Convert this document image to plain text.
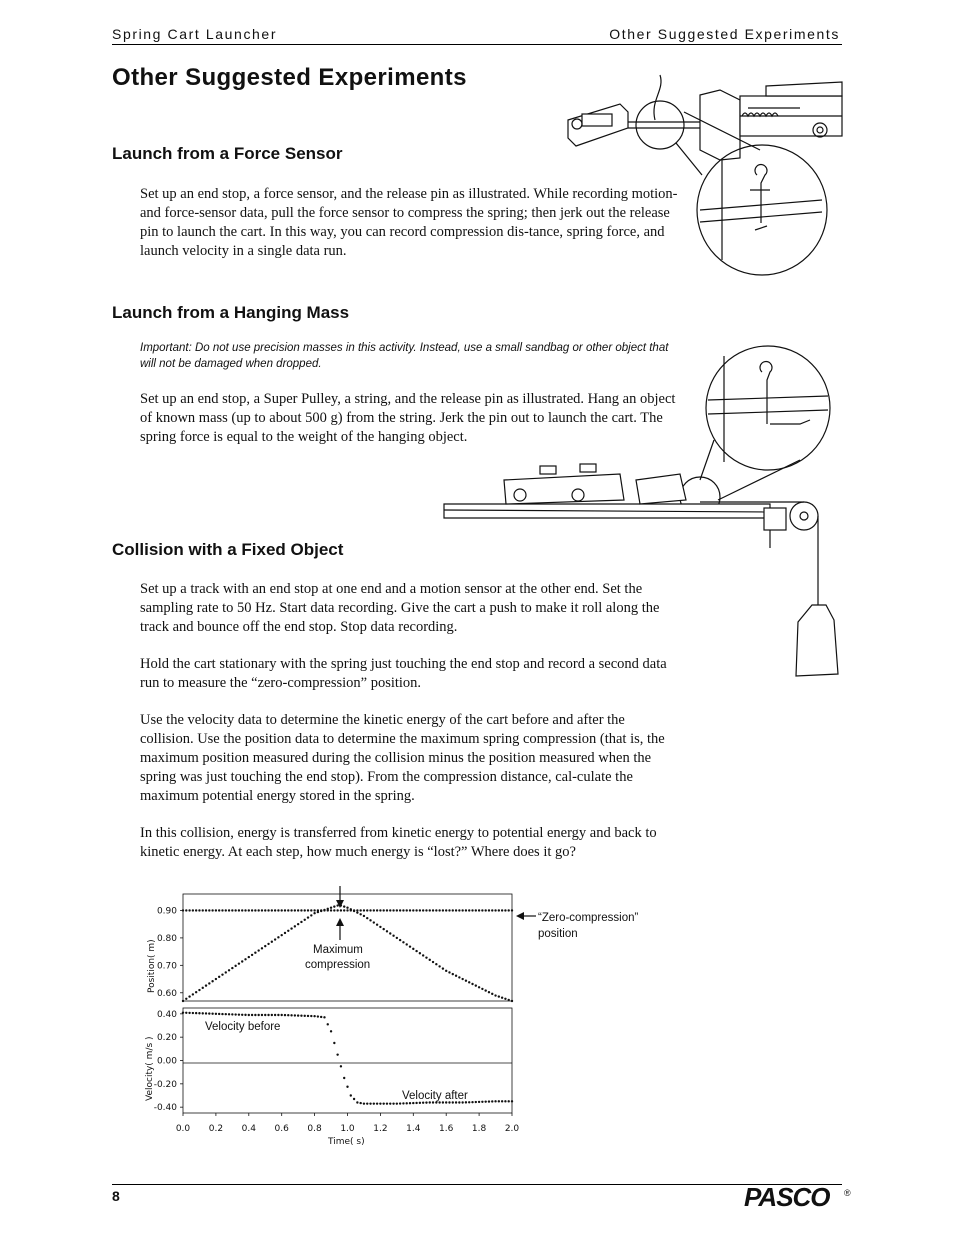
Spring Cart Launcher	Other Suggested Experiments
Other Suggested Experiments
Launch from a Force Sensor

Set up an end stop, a force sensor, and the release pin as illustrated. While recording motion- and force-sensor data, pull the force sensor to compress the spring; then jerk out the release pin to launch the cart. In this way, you can record compression dis-tance, spring force, and launch velocity in a single data run.

Launch from a Hanging Mass

Important: Do not use precision masses in this activity. Instead, use a small sandbag or other object that will not be damaged when dropped.

Set up an end stop, a Super Pulley, a string, and the release pin as illustrated. Hang an object of known mass (up to about 500 g) from the string. Jerk the pin out to launch the cart. The spring force is equal to the weight of the hanging object.

Collision with a Fixed Object

Set up a track with an end stop at one end and a motion sensor at the other end. Set the sampling rate to 50 Hz. Start data recording. Give the cart a push to make it roll along the track and bounce off the end stop. Stop data recording.

Hold the cart stationary with the spring just touching the end stop and record a second data run to measure the “zero-compression” position.

Use the velocity data to determine the kinetic energy of the cart before and after the collision. Use the position data to determine the maximum spring compression (that is, the maximum position measured during the collision minus the position measured when the spring was just touching the end stop). From the compression distance, cal-culate the maximum potential energy stored in the spring.

In this collision, energy is transferred from kinetic energy to potential energy and back to kinetic energy. At each step, how much energy is “lost?” Where does it go?

0.90
0.80
0.70
0.60
0.40
0.20
0.00
-0.20
-0.40
0.0 0.2 0.4 0.6 0.8 1.0 1.2 1.4 1.6 1.8 2.0
Position( m)
Velocity( m/s )
Time( s)
Maximum
compression
“Zero-compression”
position
Velocity before
Velocity after
8	PASCO ®
